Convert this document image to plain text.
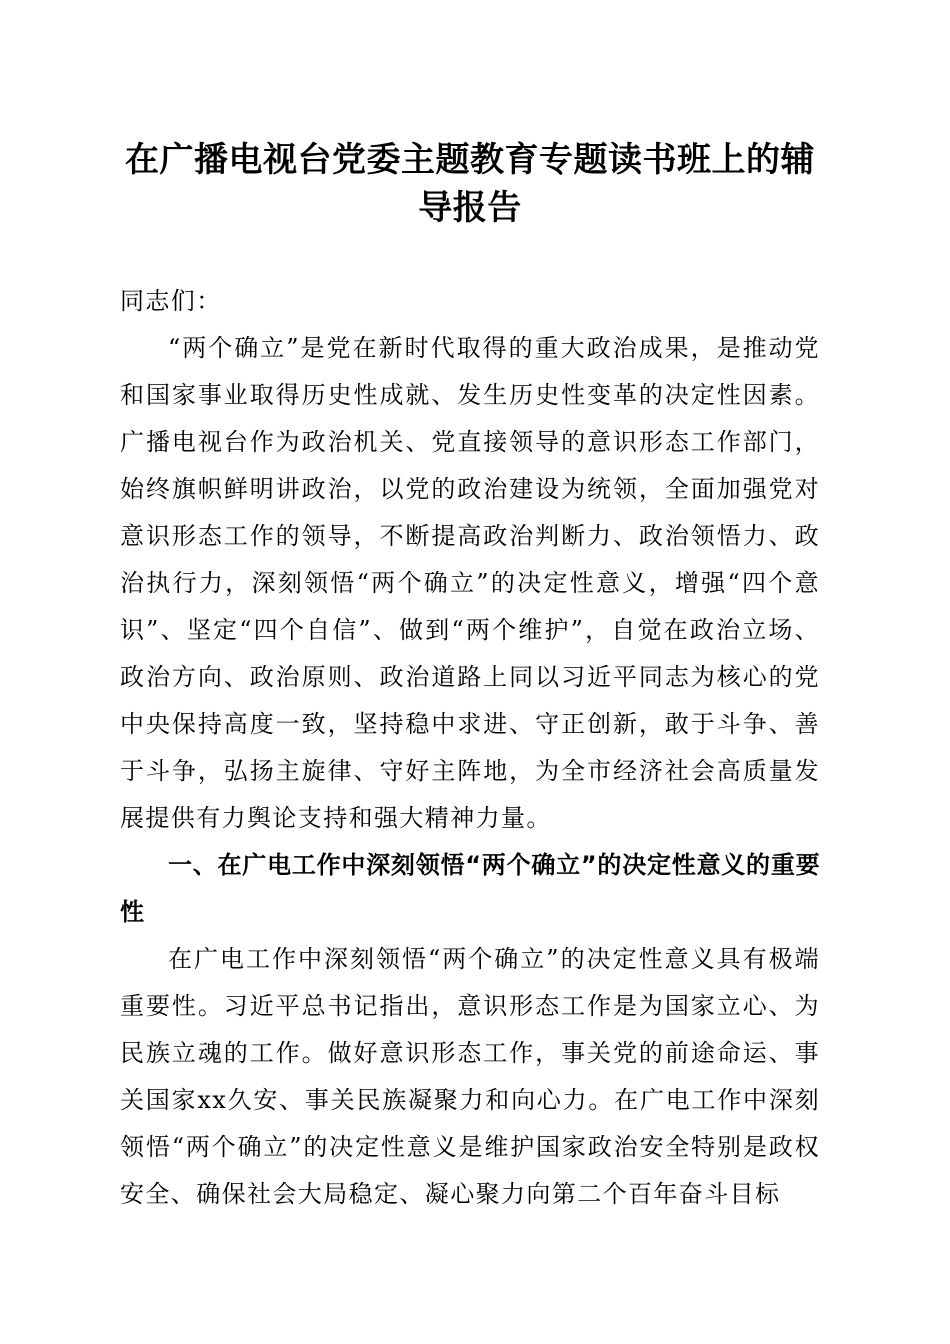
在广播电视台党委主题教育专题读书班上的辅导报告

同志们：

“两个确立”是党在新时代取得的重大政治成果，是推动党和国家事业取得历史性成就、发生历史性变革的决定性因素。广播电视台作为政治机关、党直接领导的意识形态工作部门，始终旗帜鲜明讲政治，以党的政治建设为统领，全面加强党对意识形态工作的领导，不断提高政治判断力、政治领悟力、政治执行力，深刻领悟“两个确立”的决定性意义，增强“四个意识”、坚定“四个自信”、做到“两个维护”，自觉在政治立场、政治方向、政治原则、政治道路上同以习近平同志为核心的党中央保持高度一致，坚持稳中求进、守正创新，敢于斗争、善于斗争，弘扬主旋律、守好主阵地，为全市经济社会高质量发展提供有力舆论支持和强大精神力量。

一、在广电工作中深刻领悟“两个确立”的决定性意义的重要性

在广电工作中深刻领悟“两个确立”的决定性意义具有极端重要性。习近平总书记指出，意识形态工作是为国家立心、为民族立魂的工作。做好意识形态工作，事关党的前途命运、事关国家xx久安、事关民族凝聚力和向心力。在广电工作中深刻领悟“两个确立”的决定性意义是维护国家政治安全特别是政权安全、确保社会大局稳定、凝心聚力向第二个百年奋斗目标
